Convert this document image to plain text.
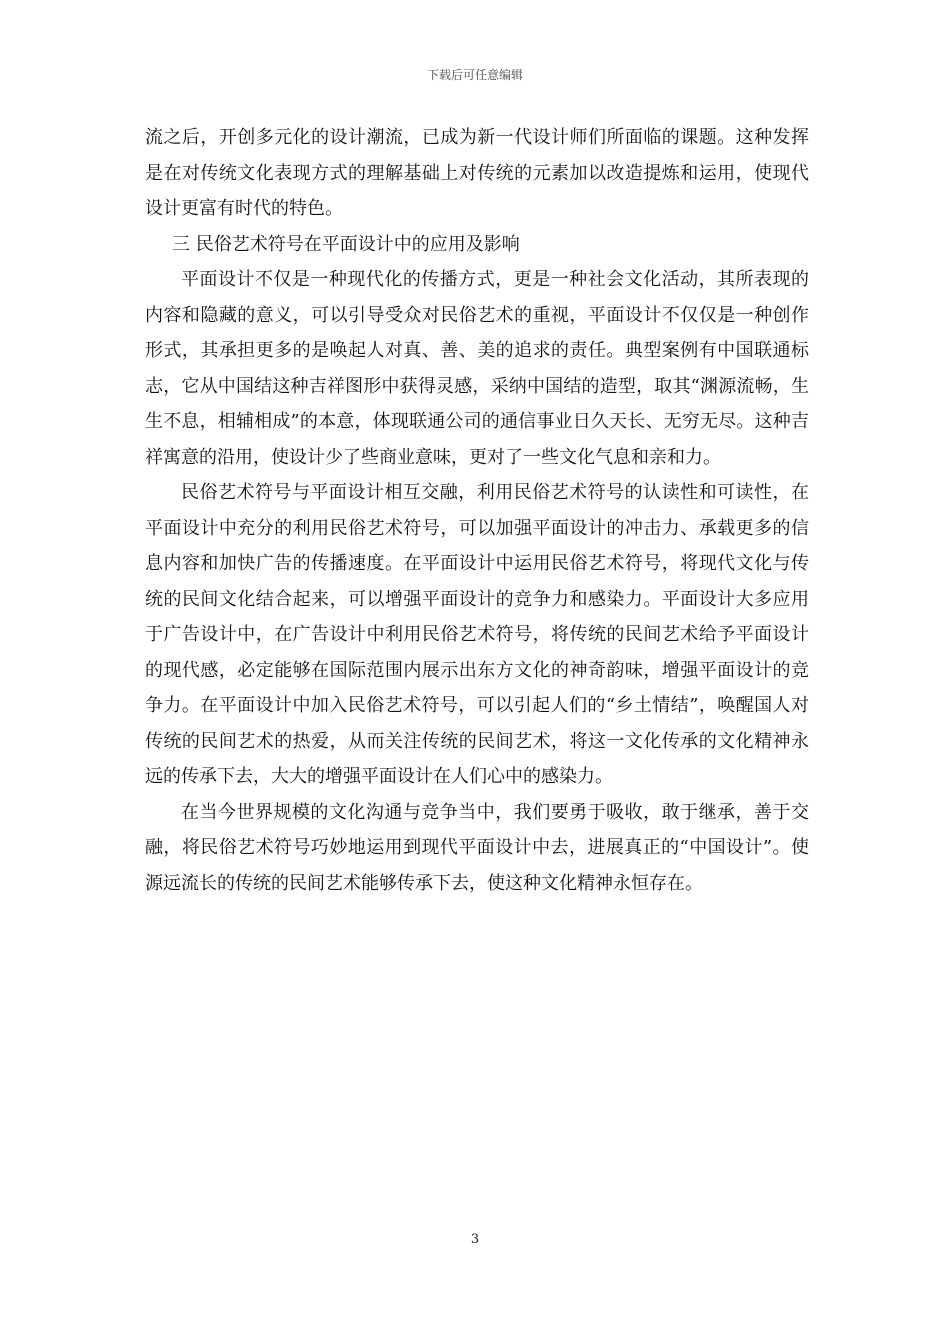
下载后可任意编辑

流之后，开创多元化的设计潮流，已成为新一代设计师们所面临的课题。这种发挥是在对传统文化表现方式的理解基础上对传统的元素加以改造提炼和运用，使现代设计更富有时代的特色。

三 民俗艺术符号在平面设计中的应用及影响

平面设计不仅是一种现代化的传播方式，更是一种社会文化活动，其所表现的内容和隐藏的意义，可以引导受众对民俗艺术的重视，平面设计不仅仅是一种创作形式，其承担更多的是唤起人对真、善、美的追求的责任。典型案例有中国联通标志，它从中国结这种吉祥图形中获得灵感，采纳中国结的造型，取其“渊源流畅，生生不息，相辅相成”的本意，体现联通公司的通信事业日久天长、无穷无尽。这种吉祥寓意的沿用，使设计少了些商业意味，更对了一些文化气息和亲和力。

民俗艺术符号与平面设计相互交融，利用民俗艺术符号的认读性和可读性，在平面设计中充分的利用民俗艺术符号，可以加强平面设计的冲击力、承载更多的信息内容和加快广告的传播速度。在平面设计中运用民俗艺术符号，将现代文化与传统的民间文化结合起来，可以增强平面设计的竞争力和感染力。平面设计大多应用于广告设计中，在广告设计中利用民俗艺术符号，将传统的民间艺术给予平面设计的现代感，必定能够在国际范围内展示出东方文化的神奇韵味，增强平面设计的竞争力。在平面设计中加入民俗艺术符号，可以引起人们的“乡土情结”，唤醒国人对传统的民间艺术的热爱，从而关注传统的民间艺术，将这一文化传承的文化精神永远的传承下去，大大的增强平面设计在人们心中的感染力。

在当今世界规模的文化沟通与竞争当中，我们要勇于吸收，敢于继承，善于交融，将民俗艺术符号巧妙地运用到现代平面设计中去，进展真正的“中国设计”。使源远流长的传统的民间艺术能够传承下去，使这种文化精神永恒存在。

3
